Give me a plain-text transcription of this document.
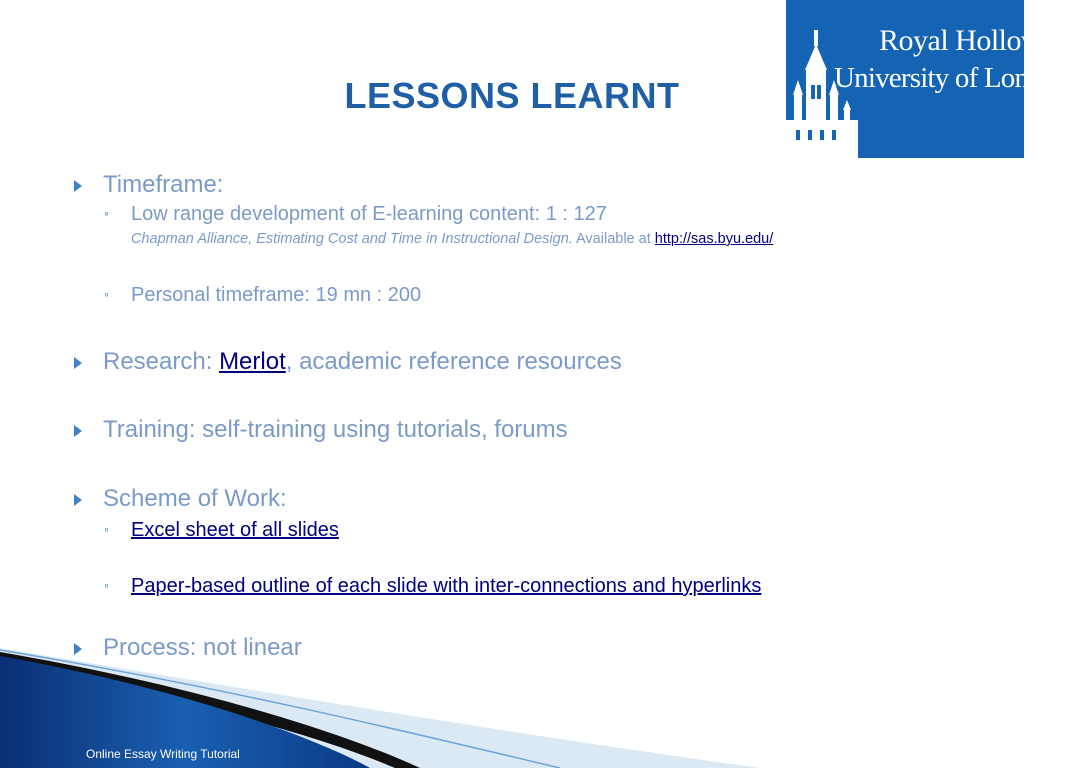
Royal Holloway
University of London
LESSONS LEARNT
Timeframe:
◦ Low range development of E-learning content: 1 : 127
Chapman Alliance, Estimating Cost and Time in Instructional Design. Available at http://sas.byu.edu/
◦ Personal timeframe: 19 mn : 200
Research: Merlot, academic reference resources
Training: self-training using tutorials, forums
Scheme of Work:
◦ Excel sheet of all slides
◦ Paper-based outline of each slide with inter-connections and hyperlinks
Process: not linear
Online Essay Writing Tutorial
